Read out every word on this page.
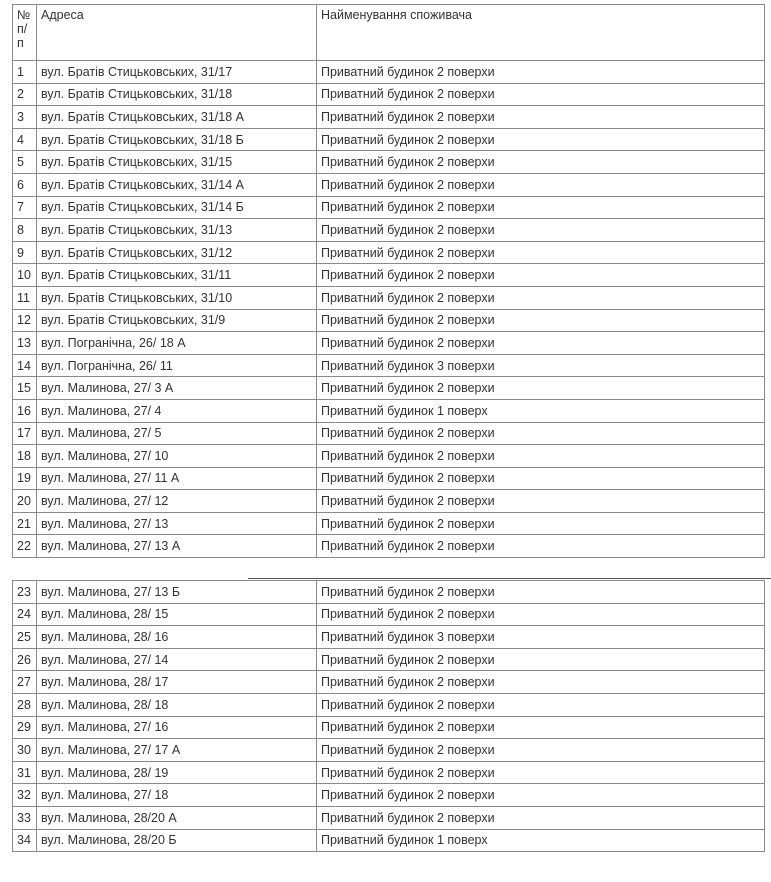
№ п/ п	Адреса	Найменування споживача
1	вул. Братів Стицьковських, 31/17	Приватний будинок 2 поверхи
2	вул. Братів Стицьковських, 31/18	Приватний будинок 2 поверхи
3	вул. Братів Стицьковських, 31/18 А	Приватний будинок 2 поверхи
4	вул. Братів Стицьковських, 31/18 Б	Приватний будинок 2 поверхи
5	вул. Братів Стицьковських, 31/15	Приватний будинок 2 поверхи
6	вул. Братів Стицьковських, 31/14 А	Приватний будинок 2 поверхи
7	вул. Братів Стицьковських, 31/14 Б	Приватний будинок 2 поверхи
8	вул. Братів Стицьковських, 31/13	Приватний будинок 2 поверхи
9	вул. Братів Стицьковських, 31/12	Приватний будинок 2 поверхи
10	вул. Братів Стицьковських, 31/11	Приватний будинок 2 поверхи
11	вул. Братів Стицьковських, 31/10	Приватний будинок 2 поверхи
12	вул. Братів Стицьковських, 31/9	Приватний будинок 2 поверхи
13	вул. Погранічна, 26/ 18 А	Приватний будинок 2 поверхи
14	вул. Погранічна, 26/ 11	Приватний будинок 3 поверхи
15	вул. Малинова, 27/ 3 А	Приватний будинок 2 поверхи
16	вул. Малинова, 27/ 4	Приватний будинок 1 поверх
17	вул. Малинова, 27/ 5	Приватний будинок 2 поверхи
18	вул. Малинова, 27/ 10	Приватний будинок 2 поверхи
19	вул. Малинова, 27/ 11 А	Приватний будинок 2 поверхи
20	вул. Малинова, 27/ 12	Приватний будинок 2 поверхи
21	вул. Малинова, 27/ 13	Приватний будинок 2 поверхи
22	вул. Малинова, 27/ 13 А	Приватний будинок 2 поверхи
23	вул. Малинова, 27/ 13 Б	Приватний будинок 2 поверхи
24	вул. Малинова, 28/ 15	Приватний будинок 2 поверхи
25	вул. Малинова, 28/ 16	Приватний будинок 3 поверхи
26	вул. Малинова, 27/ 14	Приватний будинок 2 поверхи
27	вул. Малинова, 28/ 17	Приватний будинок 2 поверхи
28	вул. Малинова, 28/ 18	Приватний будинок 2 поверхи
29	вул. Малинова, 27/ 16	Приватний будинок 2 поверхи
30	вул. Малинова, 27/ 17 А	Приватний будинок 2 поверхи
31	вул. Малинова, 28/ 19	Приватний будинок 2 поверхи
32	вул. Малинова, 27/ 18	Приватний будинок 2 поверхи
33	вул. Малинова, 28/20 А	Приватний будинок 2 поверхи
34	вул. Малинова, 28/20 Б	Приватний будинок 1 поверх
